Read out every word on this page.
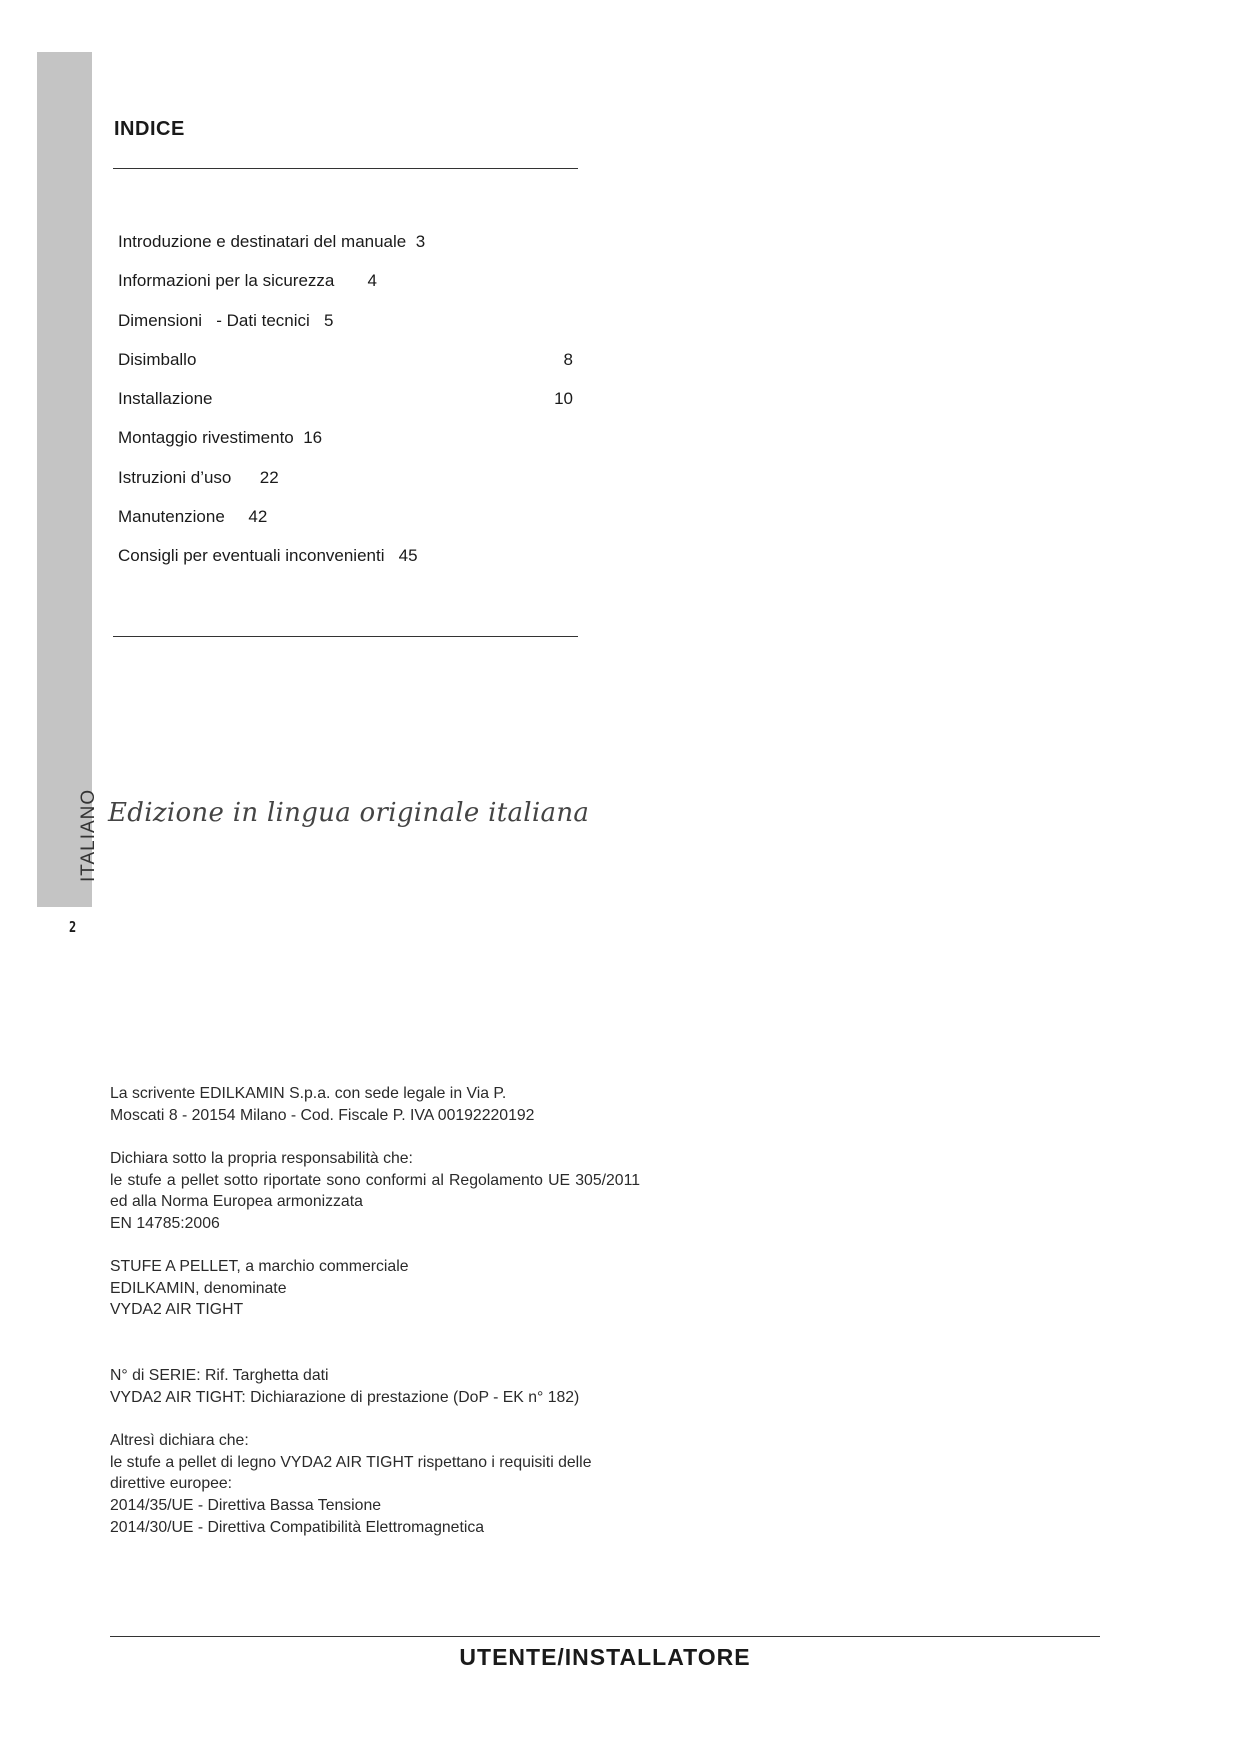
ITALIANO
2
INDICE
Introduzione e destinatari del manuale 3
Informazioni per la sicurezza 4
Dimensioni   - Dati tecnici 5
Disimballo	8
Installazione	10
Montaggio rivestimento 16
Istruzioni d’uso 22
Manutenzione 42
Consigli per eventuali inconvenienti 45
Edizione in lingua originale italiana

La scrivente EDILKAMIN S.p.a. con sede legale in Via P.

Moscati 8 - 20154 Milano - Cod. Fiscale P. IVA 00192220192

Dichiara sotto la propria responsabilità che:

le stufe a pellet sotto riportate sono conformi al Regolamento UE 305/2011 ed alla Norma Europea armonizzata

EN 14785:2006

STUFE A PELLET, a marchio commerciale

EDILKAMIN, denominate

VYDA2 AIR TIGHT

N° di SERIE: Rif. Targhetta dati

VYDA2 AIR TIGHT: Dichiarazione di prestazione (DoP - EK n° 182)

Altresì dichiara che:

le stufe a pellet di legno VYDA2 AIR TIGHT rispettano i requisiti delle direttive europee:

2014/35/UE - Direttiva Bassa Tensione

2014/30/UE - Direttiva Compatibilità Elettromagnetica

UTENTE/INSTALLATORE
